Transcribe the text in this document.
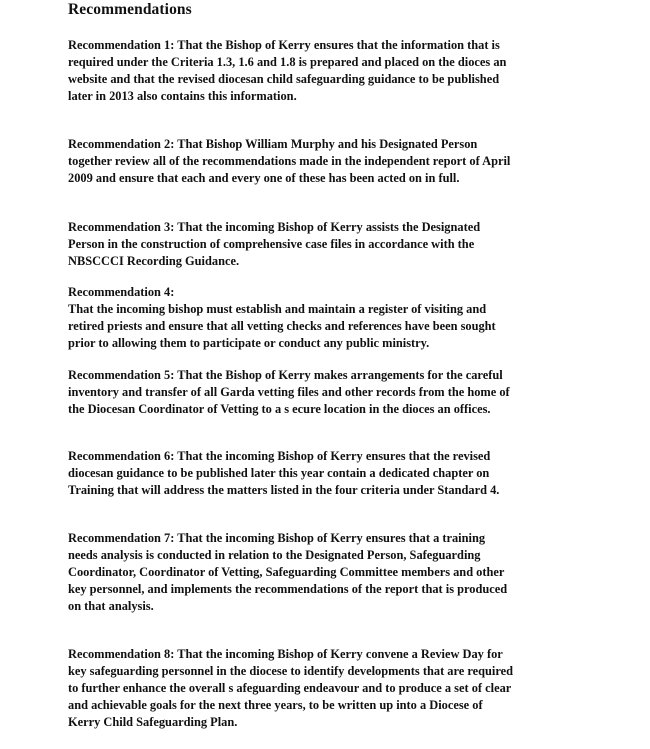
Recommendations
Recommendation 1: That the Bishop of Kerry ensures that the information that is
required under the Criteria 1.3, 1.6 and 1.8 is prepared and placed on the dioces an
website and that the revised diocesan child safeguarding guidance to be published
later in 2013 also contains this information.
Recommendation 2: That Bishop William Murphy and his Designated Person
together review all of the recommendations made in the independent report of April
2009 and ensure that each and every one of these has been acted on in full.
Recommendation 3: That the incoming Bishop of Kerry assists the Designated
Person in the construction of comprehensive case files in accordance with the
NBSCCCI Recording Guidance.
Recommendation 4:
That the incoming bishop must establish and maintain a register of visiting and
retired priests and ensure that all vetting checks and references have been sought
prior to allowing them to participate or conduct any public ministry.
Recommendation 5: That the Bishop of Kerry makes arrangements for the careful
inventory and transfer of all Garda vetting files and other records from the home of
the Diocesan Coordinator of Vetting to a s ecure location in the dioces an offices.
Recommendation 6: That the incoming Bishop of Kerry ensures that the revised
diocesan guidance to be published later this year contain a dedicated chapter on
Training that will address the matters listed in the four criteria under Standard 4.
Recommendation 7: That the incoming Bishop of Kerry ensures that a training
needs analysis is conducted in relation to the Designated Person, Safeguarding
Coordinator, Coordinator of Vetting, Safeguarding Committee members and other
key personnel, and implements the recommendations of the report that is produced
on that analysis.
Recommendation 8: That the incoming Bishop of Kerry convene a Review Day for
key safeguarding personnel in the diocese to identify developments that are required
to further enhance the overall s afeguarding endeavour and to produce a set of clear
and achievable goals for the next three years, to be written up into a Diocese of
Kerry Child Safeguarding Plan.
